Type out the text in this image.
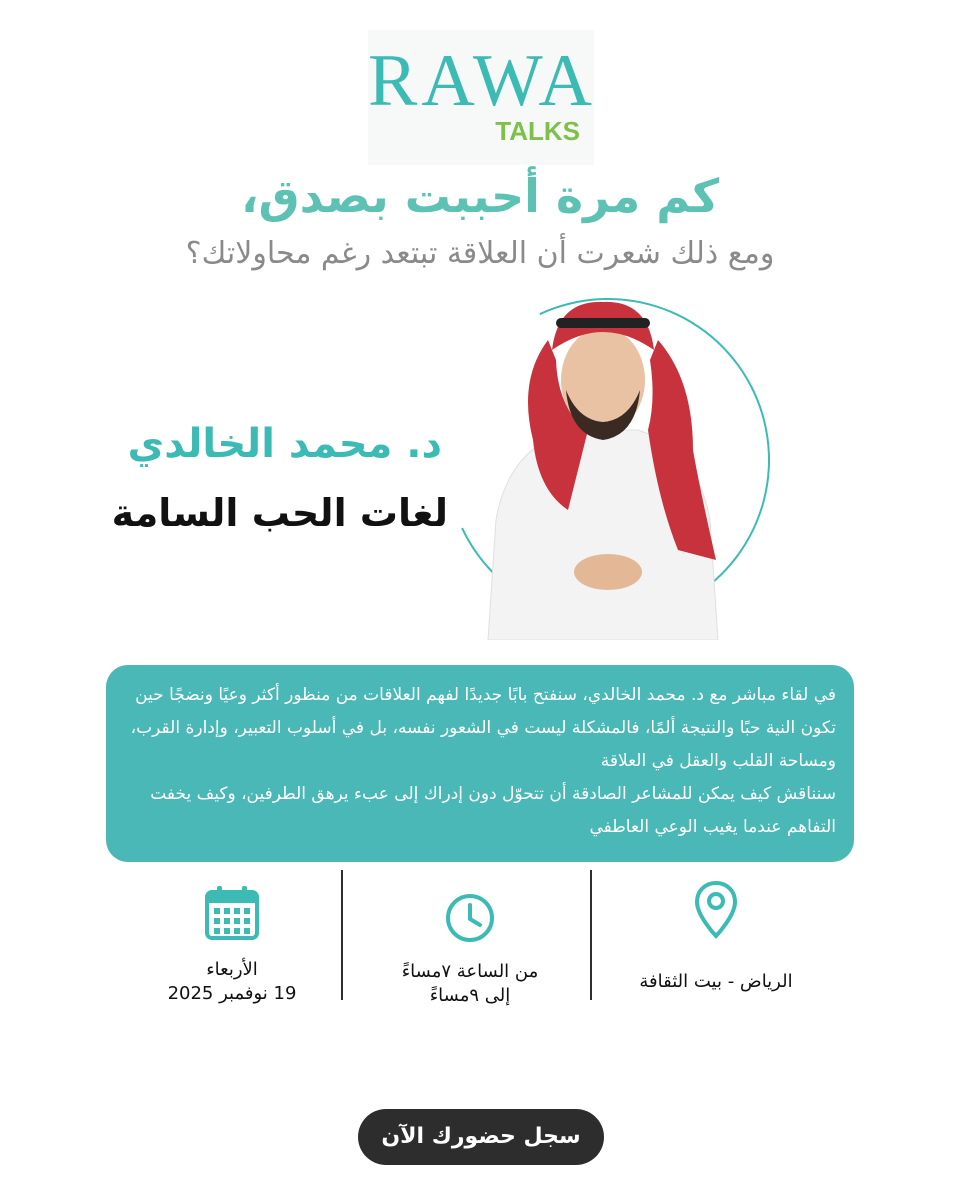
RAWA
TALKS
كم مرة أحببت بصدق،
ومع ذلك شعرت أن العلاقة تبتعد رغم محاولاتك؟
د. محمد الخالدي
لغات الحب السامة

في لقاء مباشر مع د. محمد الخالدي، سنفتح بابًا جديدًا لفهم العلاقات من منظور أكثر وعيًا ونضجًا حين تكون النية حبًا والنتيجة ألمًا، فالمشكلة ليست في الشعور نفسه، بل في أسلوب التعبير، وإدارة القرب، ومساحة القلب والعقل في العلاقة

سنناقش كيف يمكن للمشاعر الصادقة أن تتحوّل دون إدراك إلى عبء يرهق الطرفين، وكيف يخفت التفاهم عندما يغيب الوعي العاطفي

الرياض - بيت الثقافة
من الساعة ٧مساءً
إلى ٩مساءً
الأربعاء
19 نوفمبر 2025
سجل حضورك الآن
